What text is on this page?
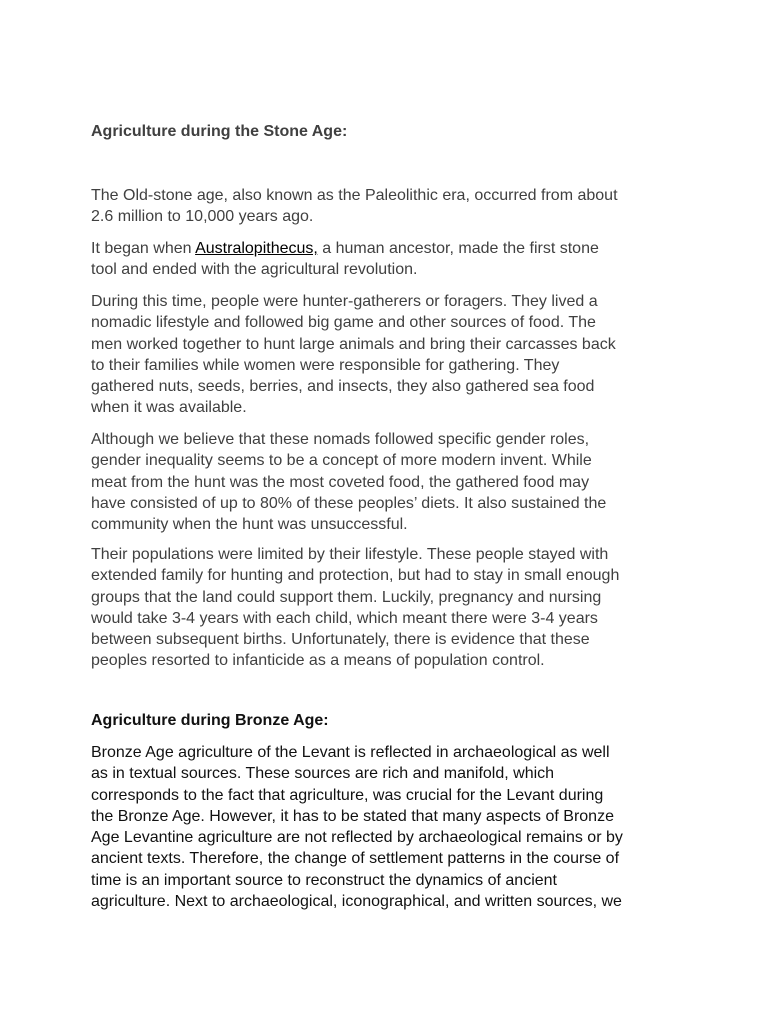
Agriculture during the Stone Age:
The Old-stone age, also known as the Paleolithic era, occurred from about
2.6 million to 10,000 years ago.
It began when Australopithecus, a human ancestor, made the first stone
tool and ended with the agricultural revolution.
During this time, people were hunter-gatherers or foragers. They lived a
nomadic lifestyle and followed big game and other sources of food. The
men worked together to hunt large animals and bring their carcasses back
to their families while women were responsible for gathering. They
gathered nuts, seeds, berries, and insects, they also gathered sea food
when it was available.
Although we believe that these nomads followed specific gender roles,
gender inequality seems to be a concept of more modern invent. While
meat from the hunt was the most coveted food, the gathered food may
have consisted of up to 80% of these peoples’ diets. It also sustained the
community when the hunt was unsuccessful.
Their populations were limited by their lifestyle. These people stayed with
extended family for hunting and protection, but had to stay in small enough
groups that the land could support them. Luckily, pregnancy and nursing
would take 3-4 years with each child, which meant there were 3-4 years
between subsequent births. Unfortunately, there is evidence that these
peoples resorted to infanticide as a means of population control.
Agriculture during Bronze Age:
Bronze Age agriculture of the Levant is reflected in archaeological as well
as in textual sources. These sources are rich and manifold, which
corresponds to the fact that agriculture, was crucial for the Levant during
the Bronze Age. However, it has to be stated that many aspects of Bronze
Age Levantine agriculture are not reflected by archaeological remains or by
ancient texts. Therefore, the change of settlement patterns in the course of
time is an important source to reconstruct the dynamics of ancient
agriculture. Next to archaeological, iconographical, and written sources, we
